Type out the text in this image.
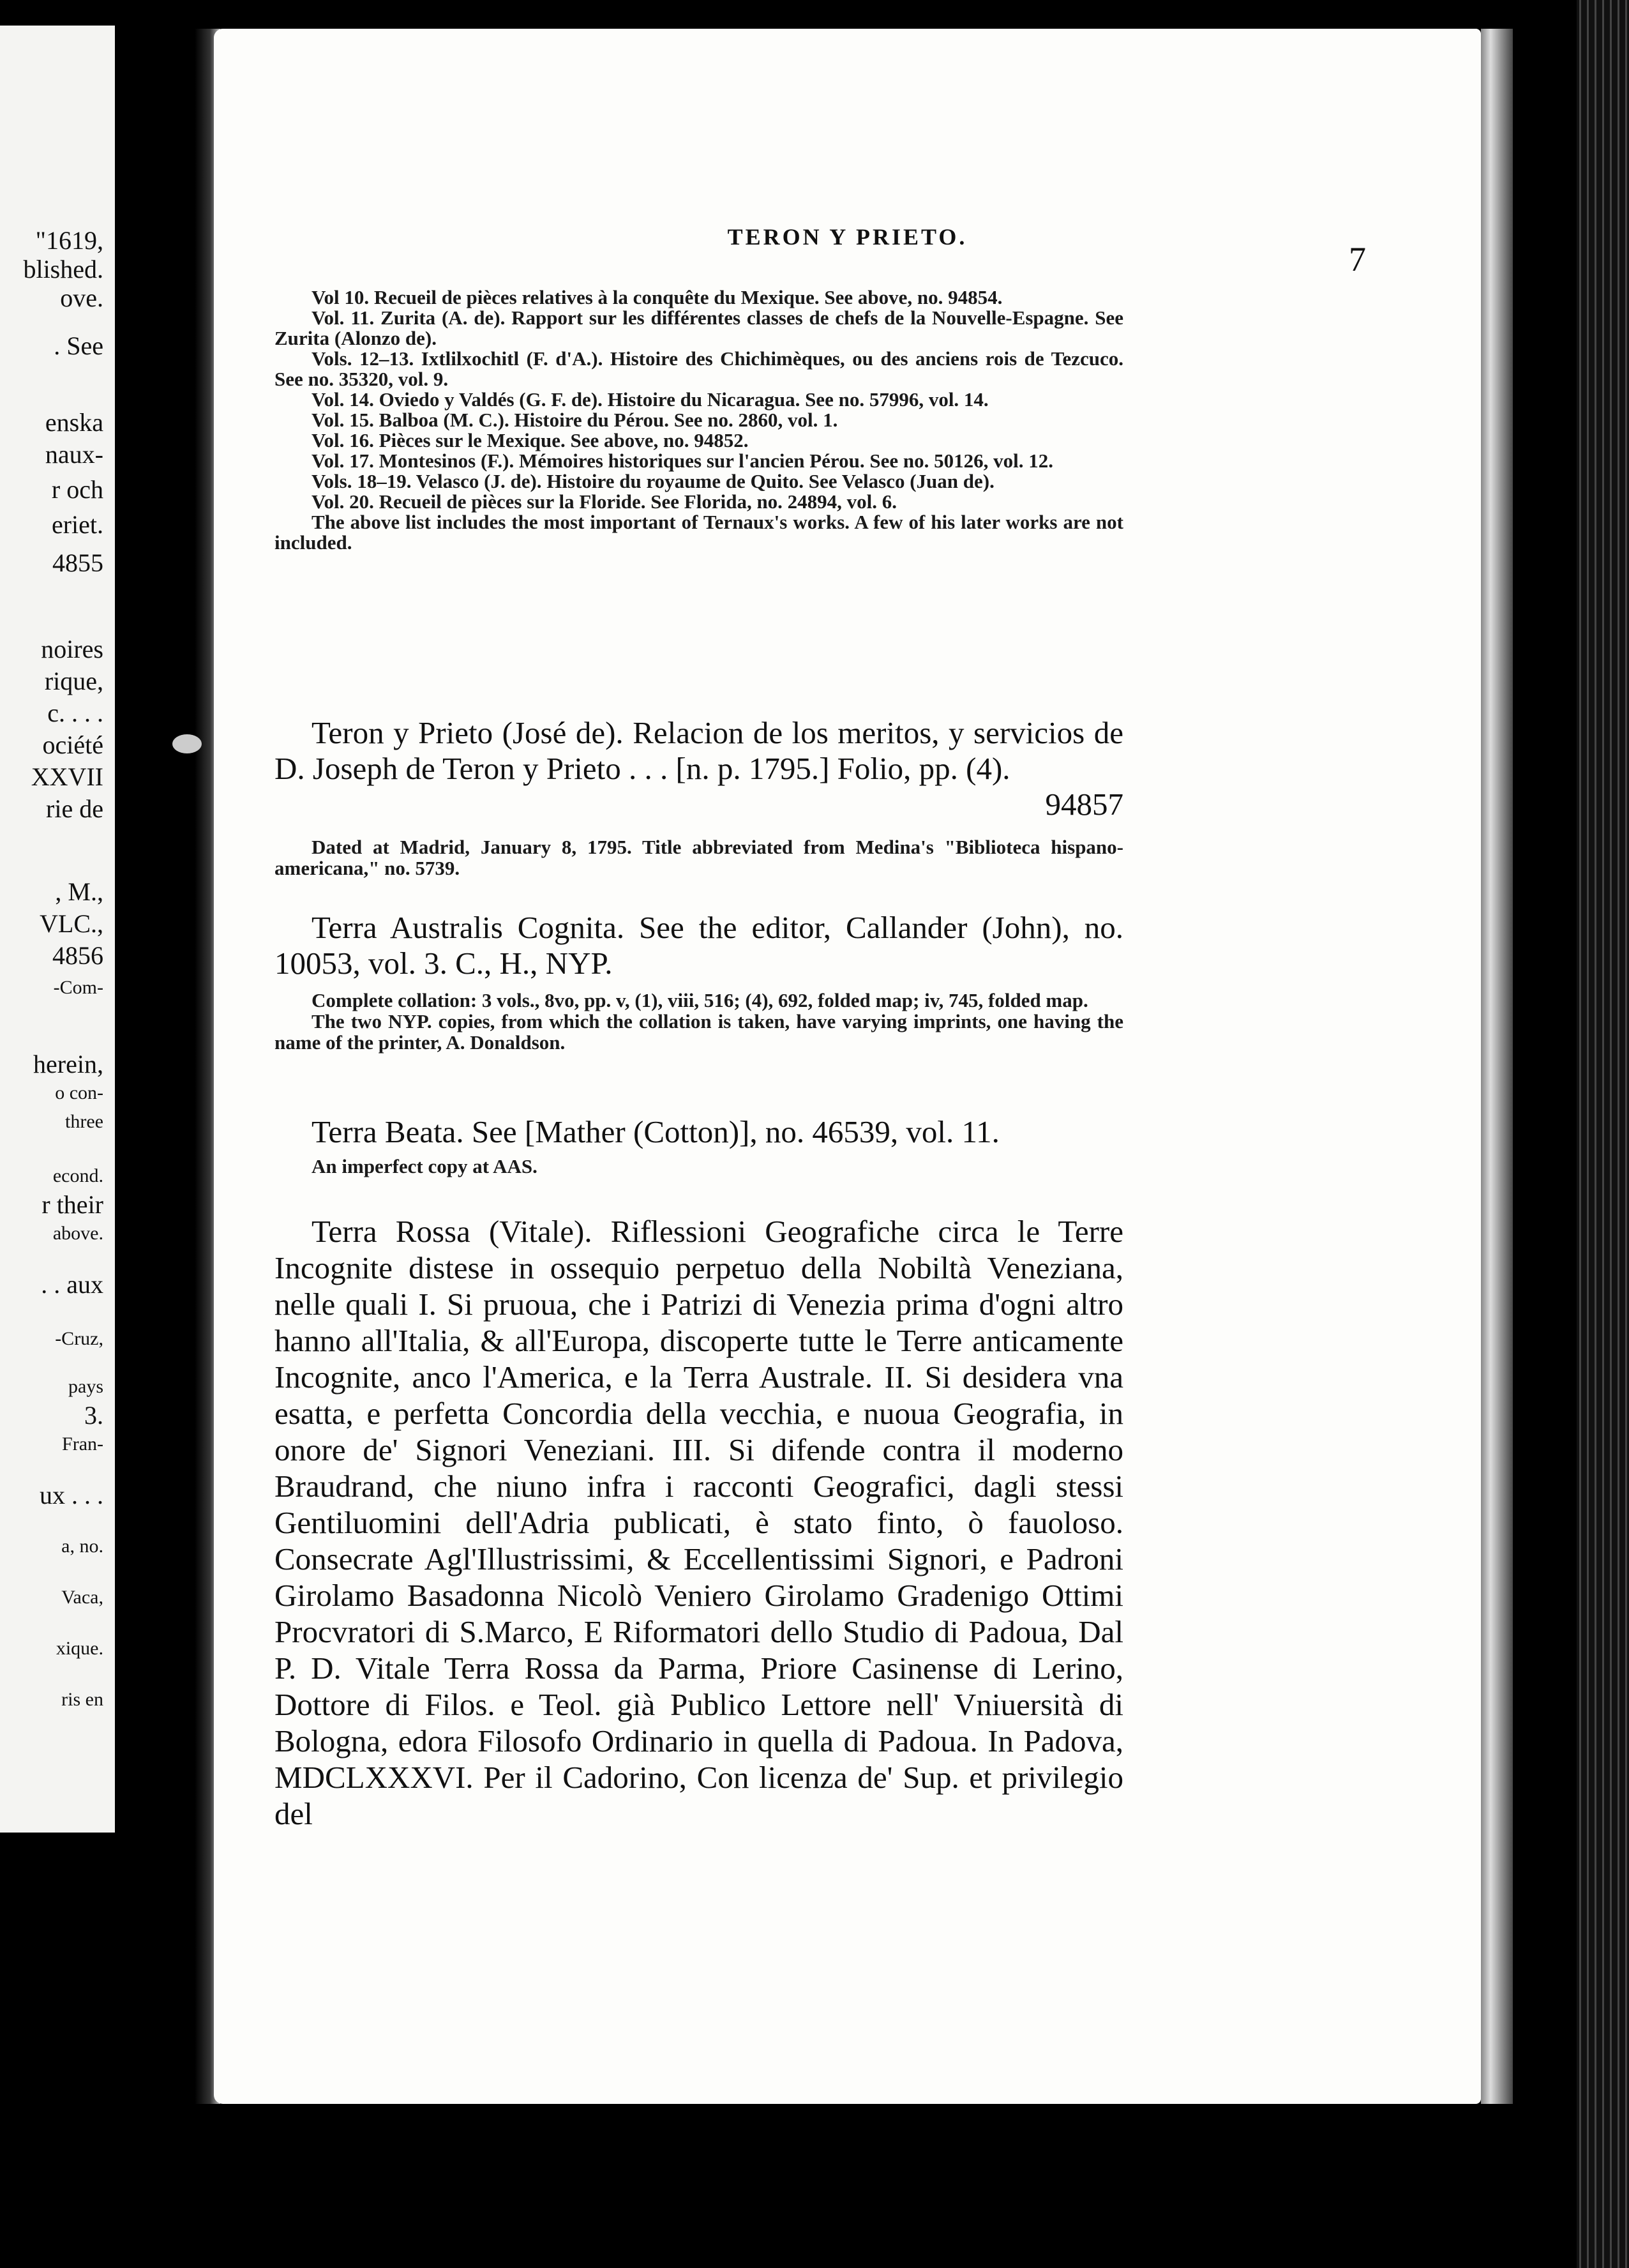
"1619,
blished.
ove.
. See
enska
naux-
r och
eriet.
4855
noires
rique,
c. . . .
ociété
XXVII
rie de
, M.,
VLC.,
4856
-Com-
herein,
o con-
three
econd.
r their
above.
. . aux
-Cruz,
pays
3.
Fran-
ux . . .
a, no.
Vaca,
xique.
ris en
TERON Y PRIETO.
7

Vol 10. Recueil de pièces relatives à la conquête du Mexique. See above, no. 94854.

Vol. 11. Zurita (A. de). Rapport sur les différentes classes de chefs de la Nouvelle-Espagne. See Zurita (Alonzo de).

Vols. 12–13. Ixtlilxochitl (F. d'A.). Histoire des Chichimèques, ou des anciens rois de Tezcuco. See no. 35320, vol. 9.

Vol. 14. Oviedo y Valdés (G. F. de). Histoire du Nicaragua. See no. 57996, vol. 14.

Vol. 15. Balboa (M. C.). Histoire du Pérou. See no. 2860, vol. 1.

Vol. 16. Pièces sur le Mexique. See above, no. 94852.

Vol. 17. Montesinos (F.). Mémoires historiques sur l'ancien Pérou. See no. 50126, vol. 12.

Vols. 18–19. Velasco (J. de). Histoire du royaume de Quito. See Velasco (Juan de).

Vol. 20. Recueil de pièces sur la Floride. See Florida, no. 24894, vol. 6.

The above list includes the most important of Ternaux's works. A few of his later works are not included.

Teron y Prieto (José de). Relacion de los meritos, y servicios de D. Joseph de Teron y Prieto . . . [n. p. 1795.] Folio, pp. (4).

94857

Dated at Madrid, January 8, 1795. Title abbreviated from Medina's "Biblioteca hispano-americana," no. 5739.

Terra Australis Cognita. See the editor, Callander (John), no. 10053, vol. 3. C., H., NYP.

Complete collation: 3 vols., 8vo, pp. v, (1), viii, 516; (4), 692, folded map; iv, 745, folded map.

The two NYP. copies, from which the collation is taken, have varying imprints, one having the name of the printer, A. Donaldson.

Terra Beata. See [Mather (Cotton)], no. 46539, vol. 11.

An imperfect copy at AAS.

Terra Rossa (Vitale). Riflessioni Geografiche circa le Terre Incognite distese in ossequio perpetuo della Nobiltà Veneziana, nelle quali I. Si pruoua, che i Patrizi di Venezia prima d'ogni altro hanno all'Italia, & all'Europa, discoperte tutte le Terre anticamente Incognite, anco l'America, e la Terra Australe. II. Si desidera vna esatta, e perfetta Concordia della vecchia, e nuoua Geografia, in onore de' Signori Veneziani. III. Si difende contra il moderno Braudrand, che niuno infra i racconti Geografici, dagli stessi Gentiluomini dell'Adria publicati, è stato finto, ò fauoloso. Consecrate Agl'Illustrissimi, & Eccellentissimi Signori, e Padroni Girolamo Basadonna Nicolò Veniero Girolamo Gradenigo Ottimi Procvratori di S.Marco, E Riformatori dello Studio di Padoua, Dal P. D. Vitale Terra Rossa da Parma, Priore Casinense di Lerino, Dottore di Filos. e Teol. già Publico Lettore nell' Vniuersità di Bologna, edora Filosofo Ordinario in quella di Padoua. In Padova, MDCLXXXVI. Per il Cadorino, Con licenza de' Sup. et privilegio del
